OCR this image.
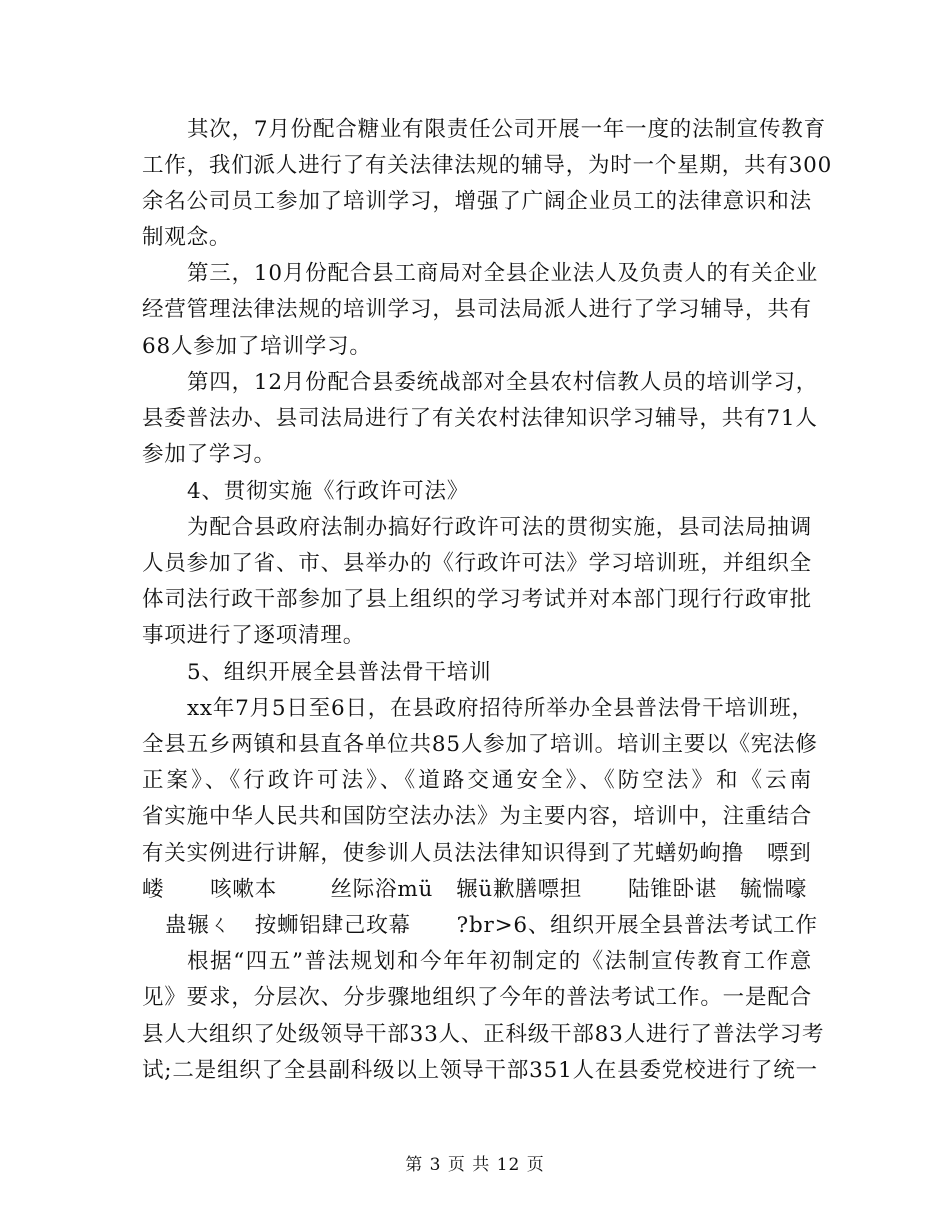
其次，7月份配合糖业有限责任公司开展一年一度的法制宣传教育
工作，我们派人进行了有关法律法规的辅导，为时一个星期，共有300
余名公司员工参加了培训学习，增强了广阔企业员工的法律意识和法
制观念。
第三，10月份配合县工商局对全县企业法人及负责人的有关企业
经营管理法律法规的培训学习，县司法局派人进行了学习辅导，共有
68人参加了培训学习。
第四，12月份配合县委统战部对全县农村信教人员的培训学习，
县委普法办、县司法局进行了有关农村法律知识学习辅导，共有71人
参加了学习。
4、贯彻实施《行政许可法》
为配合县政府法制办搞好行政许可法的贯彻实施，县司法局抽调
人员参加了省、市、县举办的《行政许可法》学习培训班，并组织全
体司法行政干部参加了县上组织的学习考试并对本部门现行行政审批
事项进行了逐项清理。
5、组织开展全县普法骨干培训
xx年7月5日至6日，在县政府招待所举办全县普法骨干培训班，
全县五乡两镇和县直各单位共85人参加了培训。培训主要以《宪法修
正案》、《行政许可法》、《道路交通安全》、《防空法》和《云南
省实施中华人民共和国防空法办法》为主要内容，培训中，注重结合
有关实例进行讲解，使参训人员法法律知识得到了艽蟮奶岣撸   嘌到
嵝      咳嗽本       丝际浴mü   辗ü歉膳嘌担      陆锥卧谌   毓惴嚎
蛊辗ㄑ   按蛳铝肆己玫幕      ?br>6、组织开展全县普法考试工作
根据“四五”普法规划和今年年初制定的《法制宣传教育工作意
见》要求，分层次、分步骤地组织了今年的普法考试工作。一是配合
县人大组织了处级领导干部33人、正科级干部83人进行了普法学习考
试;二是组织了全县副科级以上领导干部351人在县委党校进行了统一
第 3 页 共 12 页
